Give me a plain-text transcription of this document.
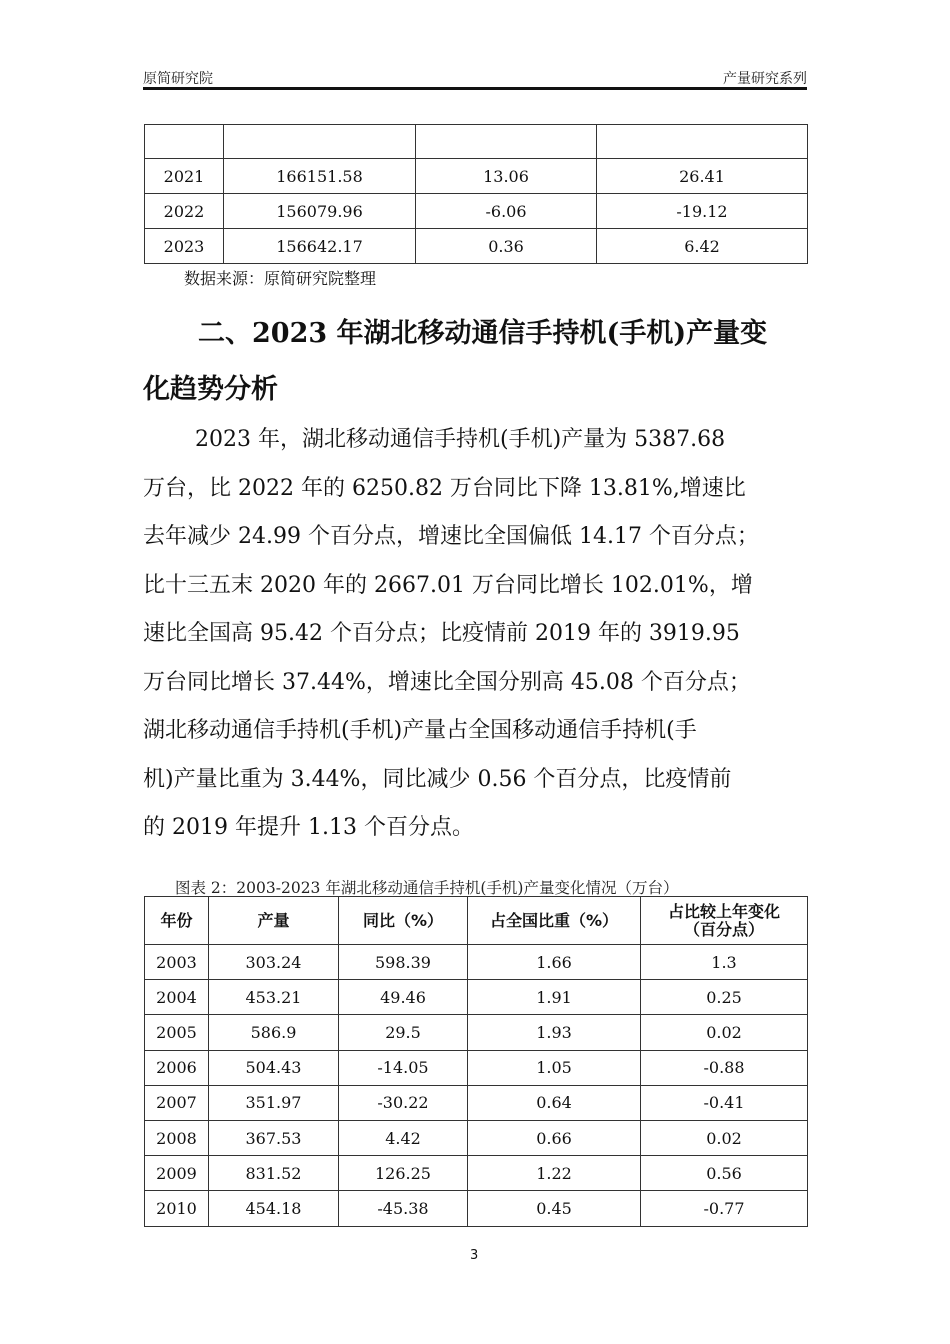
原简研究院	产量研究系列

2021	166151.58	13.06	26.41
2022	156079.96	-6.06	-19.12
2023	156642.17	0.36	6.42
数据来源：原简研究院整理
二、2023 年湖北移动通信手持机(手机)产量变
化趋势分析
2023 年，湖北移动通信手持机(手机)产量为 5387.68
万台，比 2022 年的 6250.82 万台同比下降 13.81%,增速比
去年减少 24.99 个百分点，增速比全国偏低 14.17 个百分点；
比十三五末 2020 年的 2667.01 万台同比增长 102.01%，增
速比全国高 95.42 个百分点；比疫情前 2019 年的 3919.95
万台同比增长 37.44%，增速比全国分别高 45.08 个百分点；
湖北移动通信手持机(手机)产量占全国移动通信手持机(手
机)产量比重为 3.44%，同比减少 0.56 个百分点，比疫情前
的 2019 年提升 1.13 个百分点。
图表 2：2003-2023 年湖北移动通信手持机(手机)产量变化情况（万台）
年份	产量	同比（%）	占全国比重（%）	占比较上年变化
（百分点）

2003	303.24	598.39	1.66	1.3
2004	453.21	49.46	1.91	0.25
2005	586.9	29.5	1.93	0.02
2006	504.43	-14.05	1.05	-0.88
2007	351.97	-30.22	0.64	-0.41
2008	367.53	4.42	0.66	0.02
2009	831.52	126.25	1.22	0.56
2010	454.18	-45.38	0.45	-0.77
3
